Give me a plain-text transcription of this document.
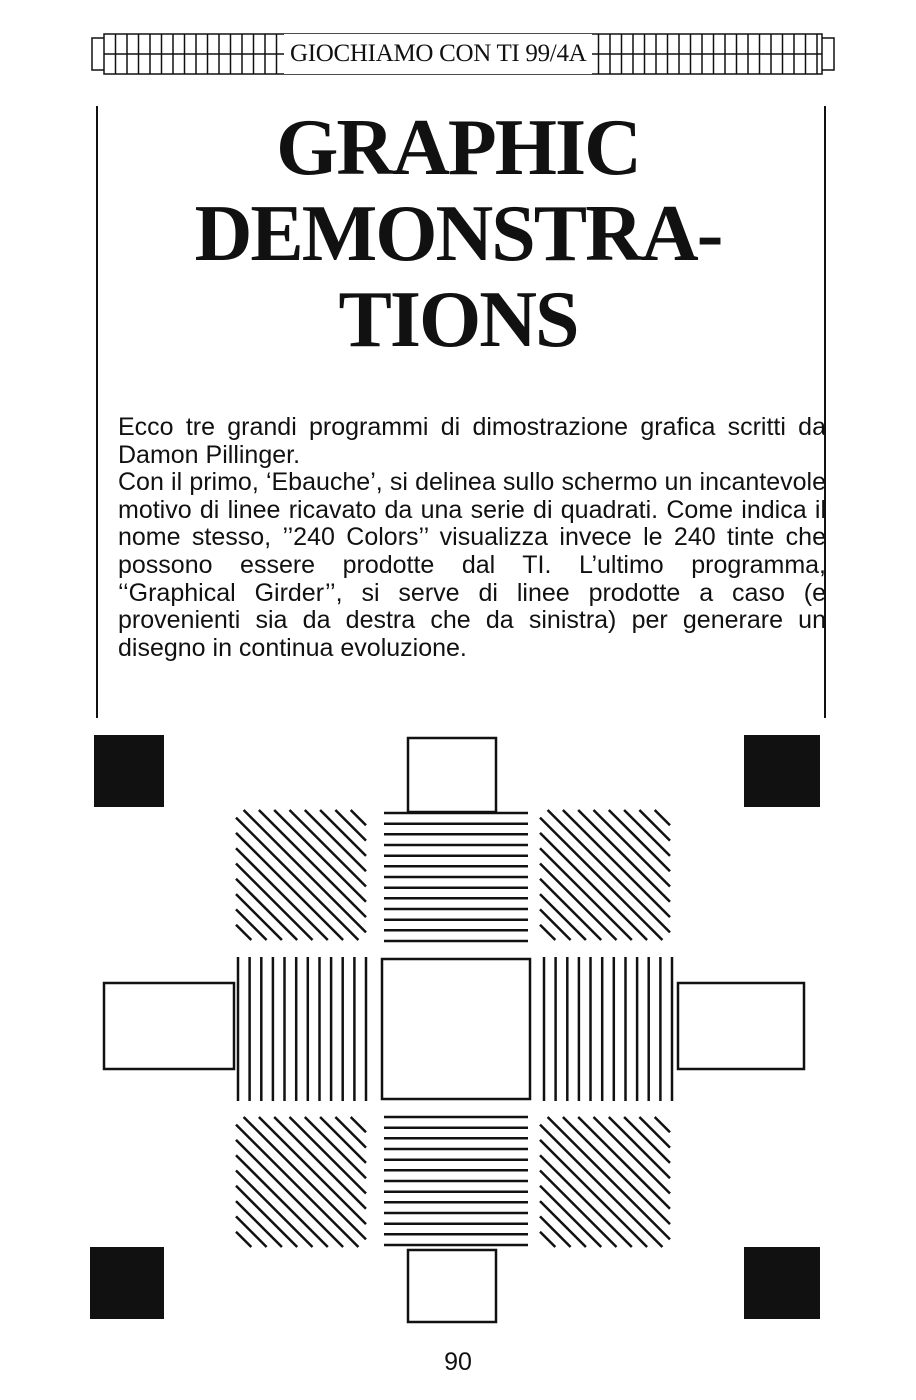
GIOCHIAMO CON TI 99/4A
GRAPHIC
DEMONSTRA-
TIONS

Ecco tre grandi programmi di dimostrazione grafica scritti da Damon Pillinger.

Con il primo, ‘Ebauche’, si delinea sullo schermo un incantevole motivo di linee ricavato da una serie di quadrati. Come indica il nome stesso, ’’240 Colors’’ visualizza invece le 240 tinte che possono essere prodotte dal TI. L’ultimo programma, ‘‘Graphical Girder’’, si serve di linee prodotte a caso (e provenienti sia da destra che da sinistra) per generare un disegno in continua evoluzione.

90
